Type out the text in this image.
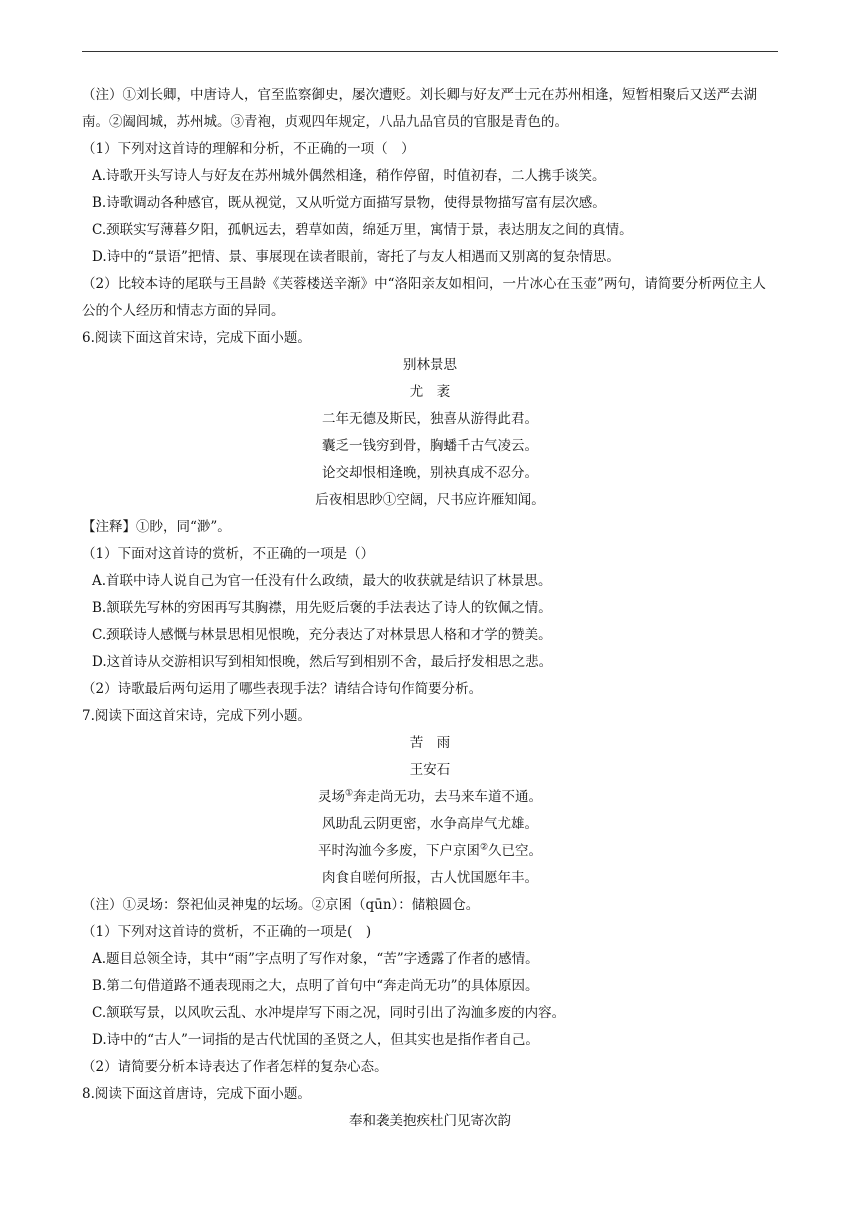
（注）①刘长卿，中唐诗人，官至监察御史，屡次遭贬。刘长卿与好友严士元在苏州相逢，短暂相聚后又送严去湖南。②阖闾城，苏州城。③青袍，贞观四年规定，八品九品官员的官服是青色的。
（1）下列对这首诗的理解和分析，不正确的一项（　）
A.诗歌开头写诗人与好友在苏州城外偶然相逢，稍作停留，时值初春，二人携手谈笑。
B.诗歌调动各种感官，既从视觉，又从听觉方面描写景物，使得景物描写富有层次感。
C.颈联实写薄暮夕阳，孤帆远去，碧草如茵，绵延万里，寓情于景，表达朋友之间的真情。
D.诗中的“景语”把情、景、事展现在读者眼前，寄托了与友人相遇而又别离的复杂情思。
（2）比较本诗的尾联与王昌龄《芙蓉楼送辛渐》中“洛阳亲友如相问，一片冰心在玉壶”两句，请简要分析两位主人公的个人经历和情志方面的异同。
6.阅读下面这首宋诗，完成下面小题。
别林景思
尤　袤
二年无德及斯民，独喜从游得此君。
囊乏一钱穷到骨，胸蟠千古气凌云。
论交却恨相逢晚，别袂真成不忍分。
后夜相思眇①空阔，尺书应许雁知闻。
【注释】①眇，同“渺”。
（1）下面对这首诗的赏析，不正确的一项是（）
A.首联中诗人说自己为官一任没有什么政绩，最大的收获就是结识了林景思。
B.颔联先写林的穷困再写其胸襟，用先贬后褒的手法表达了诗人的钦佩之情。
C.颈联诗人感慨与林景思相见恨晚，充分表达了对林景思人格和才学的赞美。
D.这首诗从交游相识写到相知恨晚，然后写到相别不舍，最后抒发相思之悲。
（2）诗歌最后两句运用了哪些表现手法？请结合诗句作简要分析。
7.阅读下面这首宋诗，完成下列小题。
苦　雨
王安石
灵场①奔走尚无功，去马来车道不通。
风助乱云阴更密，水争高岸气尤雄。
平时沟洫今多废，下户京囷②久已空。
肉食自嗟何所报，古人忧国愿年丰。
（注）①灵场：祭祀仙灵神鬼的坛场。②京囷（qūn）：储粮圆仓。
（1）下列对这首诗的赏析，不正确的一项是(　)
A.题目总领全诗，其中“雨”字点明了写作对象，“苦”字透露了作者的感情。
B.第二句借道路不通表现雨之大，点明了首句中“奔走尚无功”的具体原因。
C.颔联写景，以风吹云乱、水冲堤岸写下雨之况，同时引出了沟洫多废的内容。
D.诗中的“古人”一词指的是古代忧国的圣贤之人，但其实也是指作者自己。
（2）请简要分析本诗表达了作者怎样的复杂心态。
8.阅读下面这首唐诗，完成下面小题。
奉和袭美抱疾杜门见寄次韵
